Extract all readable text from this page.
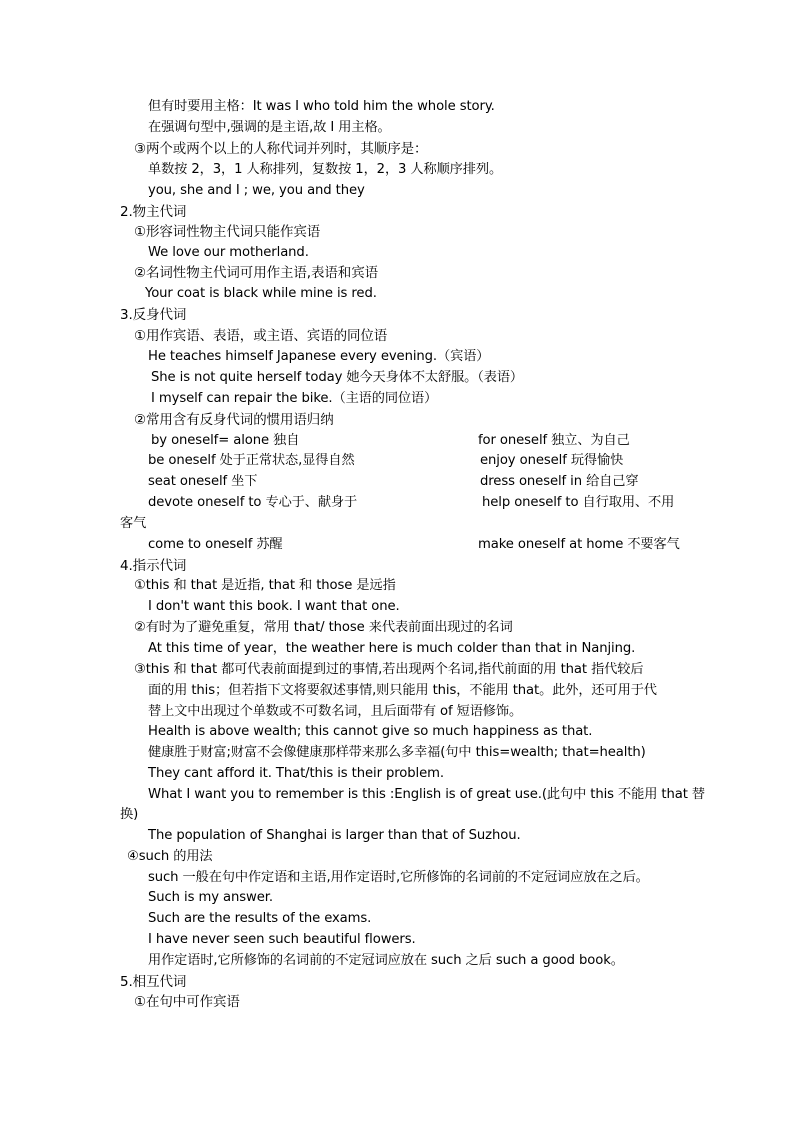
但有时要用主格：It was I who told him the whole story.
在强调句型中,强调的是主语,故 I 用主格。
③两个或两个以上的人称代词并列时，其顺序是：
单数按 2，3，1 人称排列，复数按 1，2，3 人称顺序排列。
you, she and I ; we, you and they
2.物主代词
①形容词性物主代词只能作宾语
We love our motherland.
②名词性物主代词可用作主语,表语和宾语
Your coat is black while mine is red.
3.反身代词
①用作宾语、表语，或主语、宾语的同位语
He teaches himself Japanese every evening.（宾语）
She is not quite herself today 她今天身体不太舒服。（表语）
I myself can repair the bike.（主语的同位语）
②常用含有反身代词的惯用语归纳
by oneself= alone 独自	for oneself 独立、为自己
be oneself 处于正常状态,显得自然	enjoy oneself 玩得愉快
seat oneself 坐下	dress oneself in 给自己穿
devote oneself to 专心于、献身于	help oneself to 自行取用、不用
客气
come to oneself 苏醒	make oneself at home 不要客气
4.指示代词
①this 和 that 是近指, that 和 those 是远指
I don't want this book. I want that one.
②有时为了避免重复，常用 that/ those 来代表前面出现过的名词
At this time of year，the weather here is much colder than that in Nanjing.
③this 和 that 都可代表前面提到过的事情,若出现两个名词,指代前面的用 that 指代较后
面的用 this；但若指下文将要叙述事情,则只能用 this，不能用 that。此外，还可用于代
替上文中出现过个单数或不可数名词，且后面带有 of 短语修饰。
Health is above wealth; this cannot give so much happiness as that.
健康胜于财富;财富不会像健康那样带来那么多幸福(句中 this=wealth; that=health)
They cant afford it. That/this is their problem.
What I want you to remember is this :English is of great use.(此句中 this 不能用 that 替
换)
The population of Shanghai is larger than that of Suzhou.
④such 的用法
such 一般在句中作定语和主语,用作定语时,它所修饰的名词前的不定冠词应放在之后。
Such is my answer.
Such are the results of the exams.
I have never seen such beautiful flowers.
用作定语时,它所修饰的名词前的不定冠词应放在 such 之后 such a good book。
5.相互代词
①在句中可作宾语
